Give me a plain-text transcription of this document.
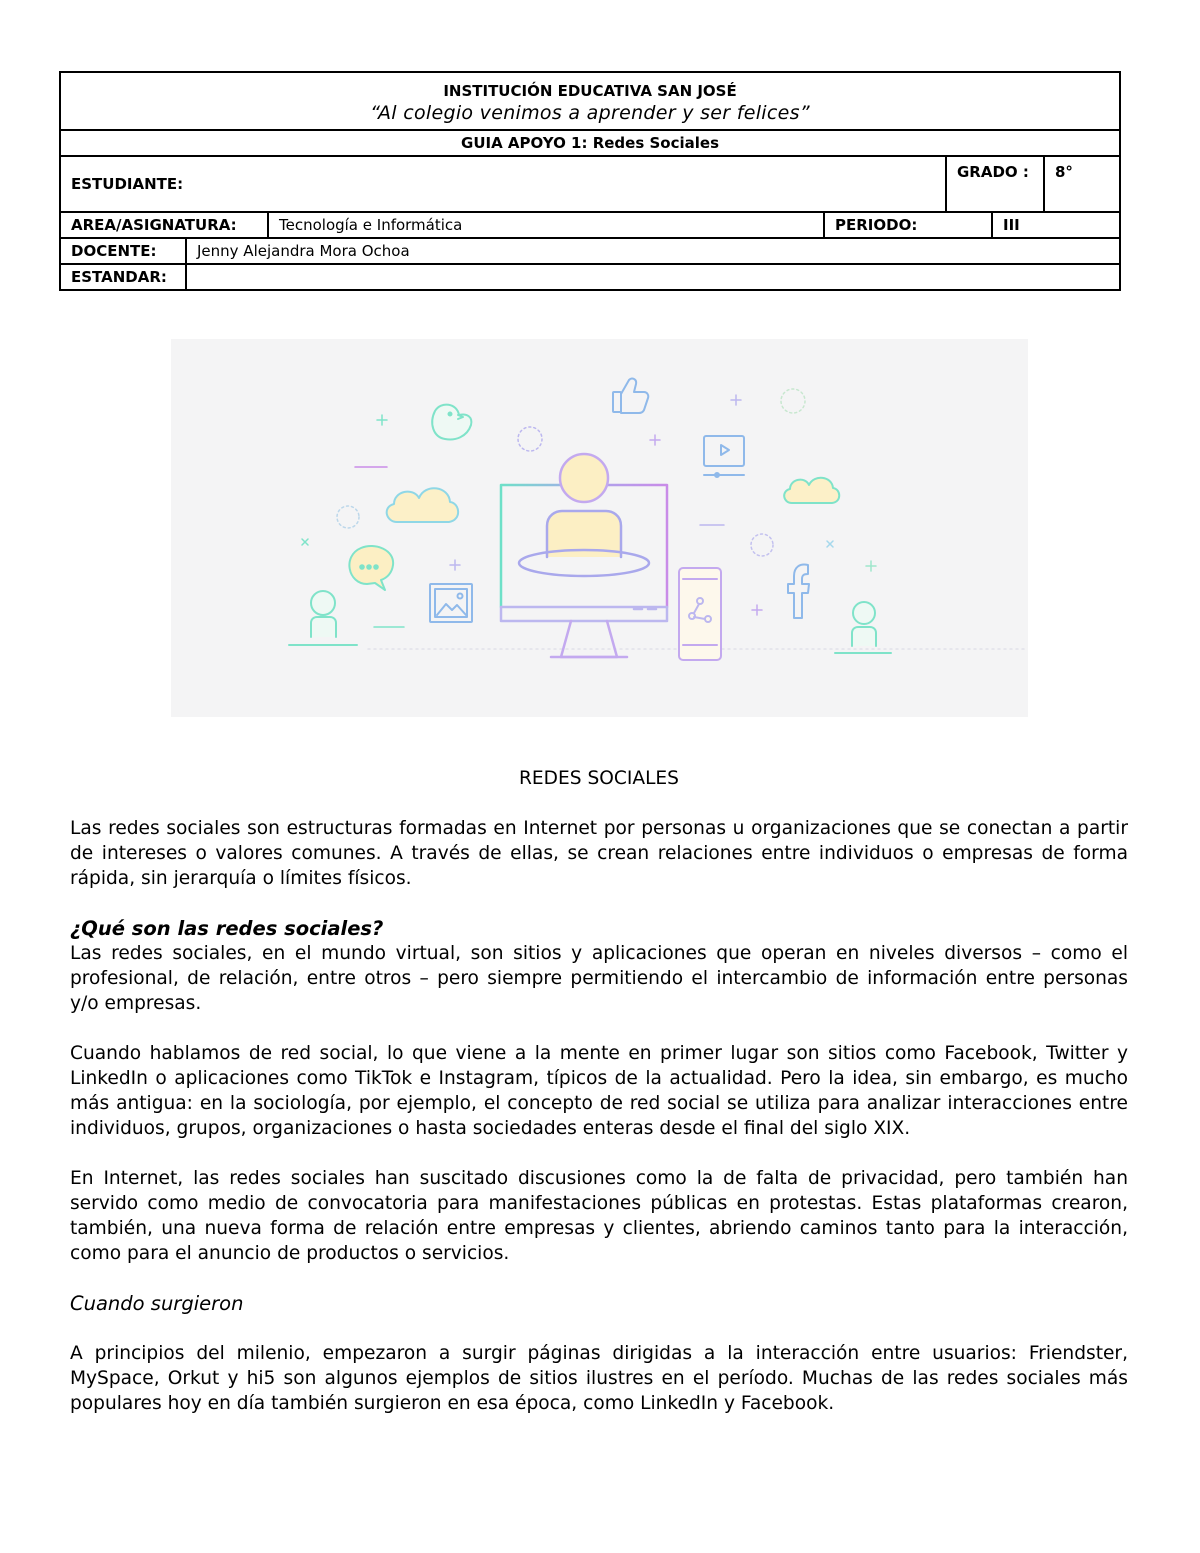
INSTITUCIÓN EDUCATIVA SAN JOSÉ
“Al colegio venimos a aprender y ser felices”						

GUIA APOYO 1: Redes Sociales						
ESTUDIANTE:				GRADO :		8°
AREA/ASIGNATURA:		Tecnología e Informática	PERIODO:		III	
DOCENTE:	Jenny Alejandra Mora Ochoa					
ESTANDAR:						

REDES SOCIALES

Las redes sociales son estructuras formadas en Internet por personas u organizaciones que se conectan a partir de intereses o valores comunes. A través de ellas, se crean relaciones entre individuos o empresas de forma rápida, sin jerarquía o límites físicos.

¿Qué son las redes sociales?

Las redes sociales, en el mundo virtual, son sitios y aplicaciones que operan en niveles diversos – como el profesional, de relación, entre otros – pero siempre permitiendo el intercambio de información entre personas y/o empresas.

Cuando hablamos de red social, lo que viene a la mente en primer lugar son sitios como Facebook, Twitter y LinkedIn o aplicaciones como TikTok e Instagram, típicos de la actualidad. Pero la idea, sin embargo, es mucho más antigua: en la sociología, por ejemplo, el concepto de red social se utiliza para analizar interacciones entre individuos, grupos, organizaciones o hasta sociedades enteras desde el final del siglo XIX.

En Internet, las redes sociales han suscitado discusiones como la de falta de privacidad, pero también han servido como medio de convocatoria para manifestaciones públicas en protestas. Estas plataformas crearon, también, una nueva forma de relación entre empresas y clientes, abriendo caminos tanto para la interacción, como para el anuncio de productos o servicios.

Cuando surgieron

A principios del milenio, empezaron a surgir páginas dirigidas a la interacción entre usuarios: Friendster, MySpace, Orkut y hi5 son algunos ejemplos de sitios ilustres en el período. Muchas de las redes sociales más populares hoy en día también surgieron en esa época, como LinkedIn y Facebook.
